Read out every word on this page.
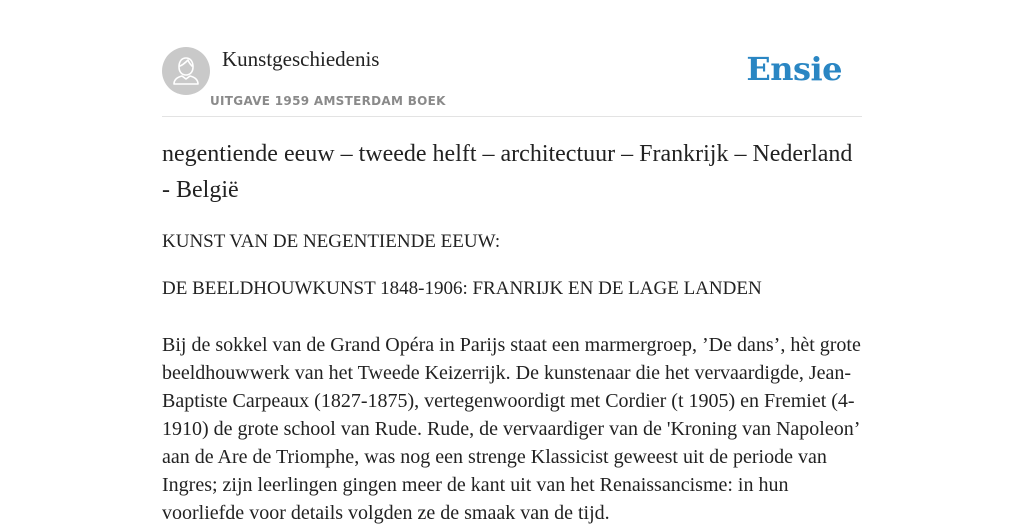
Kunstgeschiedenis
UITGAVE 1959 AMSTERDAM BOEK
Ensie
negentiende eeuw – tweede helft – architectuur – Frankrijk – Nederland - België

KUNST VAN DE NEGENTIENDE EEUW:

DE BEELDHOUWKUNST 1848-1906: FRANRIJK EN DE LAGE LANDEN

Bij de sokkel van de Grand Opéra in Parijs staat een marmergroep, ’De dans’, hèt grote beeldhouwwerk van het Tweede Keizerrijk. De kunstenaar die het vervaardigde, Jean-Baptiste Carpeaux (1827-1875), vertegenwoordigt met Cordier (t 1905) en Fremiet (4-1910) de grote school van Rude. Rude, de vervaardiger van de 'Kroning van Napoleon’ aan de Are de Triomphe, was nog een strenge Klassicist geweest uit de periode van Ingres; zijn leerlingen gingen meer de kant uit van het Renaissancisme: in hun voorliefde voor details volgden ze de smaak van de tijd.
